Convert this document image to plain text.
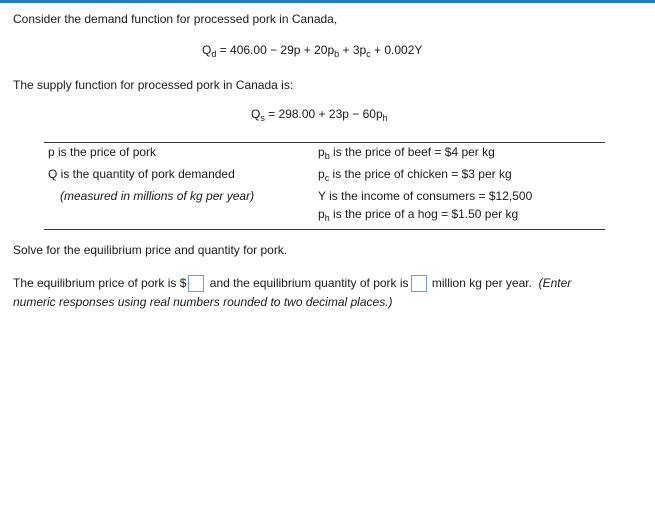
Consider the demand function for processed pork in Canada,
$Q_d = 406.00 - 29p + 20p_b + 3p_c + 0.002Y$
The supply function for processed pork in Canada is:
$Q_s = 298.00 + 23p - 60p_h$
p is the price of pork
Q is the quantity of pork demanded
(measured in millions of kg per year)
$p_b$ is the price of beef = $4 per kg
$p_c$ is the price of chicken = $3 per kg
Y is the income of consumers = $12,500
$p_h$ is the price of a hog = $1.50 per kg
Solve for the equilibrium price and quantity for pork.
The equilibrium price of pork is $ and the equilibrium quantity of pork is million kg per year. (Enter
numeric responses using real numbers rounded to two decimal places.)
